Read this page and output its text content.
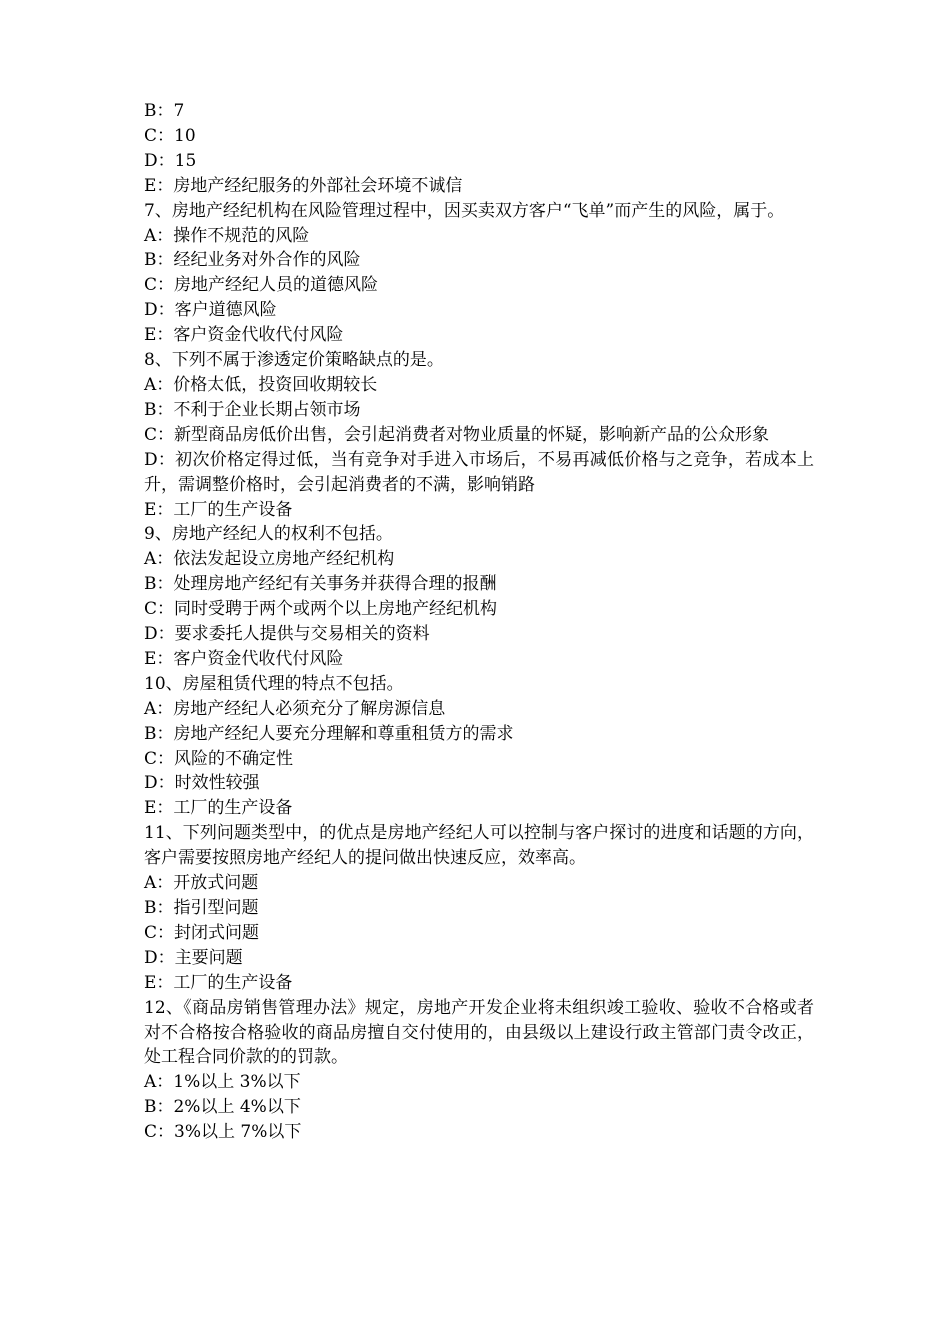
B：7

C：10

D：15

E：房地产经纪服务的外部社会环境不诚信

7、房地产经纪机构在风险管理过程中，因买卖双方客户“飞单”而产生的风险，属于。

A：操作不规范的风险

B：经纪业务对外合作的风险

C：房地产经纪人员的道德风险

D：客户道德风险

E：客户资金代收代付风险

8、下列不属于渗透定价策略缺点的是。

A：价格太低，投资回收期较长

B：不利于企业长期占领市场

C：新型商品房低价出售，会引起消费者对物业质量的怀疑，影响新产品的公众形象

D：初次价格定得过低，当有竞争对手进入市场后，不易再减低价格与之竞争，若成本上升，需调整价格时，会引起消费者的不满，影响销路

E：工厂的生产设备

9、房地产经纪人的权利不包括。

A：依法发起设立房地产经纪机构

B：处理房地产经纪有关事务并获得合理的报酬

C：同时受聘于两个或两个以上房地产经纪机构

D：要求委托人提供与交易相关的资料

E：客户资金代收代付风险

10、房屋租赁代理的特点不包括。

A：房地产经纪人必须充分了解房源信息

B：房地产经纪人要充分理解和尊重租赁方的需求

C：风险的不确定性

D：时效性较强

E：工厂的生产设备

11、下列问题类型中，的优点是房地产经纪人可以控制与客户探讨的进度和话题的方向，客户需要按照房地产经纪人的提问做出快速反应，效率高。

A：开放式问题

B：指引型问题

C：封闭式问题

D：主要问题

E：工厂的生产设备

12、《商品房销售管理办法》规定，房地产开发企业将未组织竣工验收、验收不合格或者对不合格按合格验收的商品房擅自交付使用的，由县级以上建设行政主管部门责令改正，处工程合同价款的的罚款。

A：1%以上 3%以下

B：2%以上 4%以下

C：3%以上 7%以下
